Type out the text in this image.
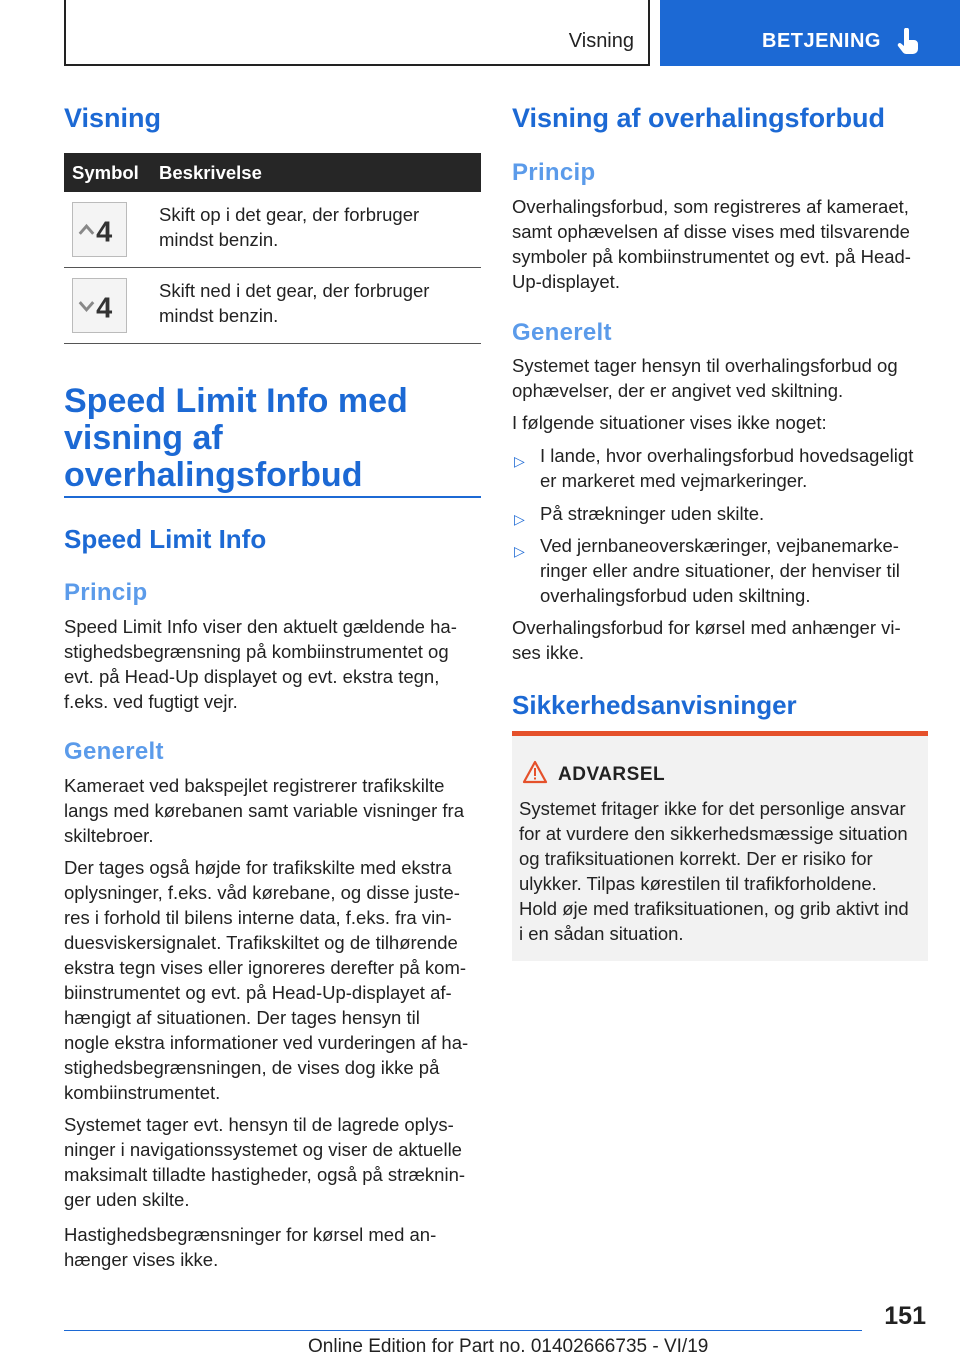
Visning	BETJENING
Visning
Symbol Beskrivelse
4
Skift op i det gear, der forbruger
mindst benzin.
4
Skift ned i det gear, der forbruger
mindst benzin.
Speed Limit Info med
visning af
overhalingsforbud
Speed Limit Info
Princip
Speed Limit Info viser den aktuelt gældende ha-
stighedsbegrænsning på kombiinstrumentet og
evt. på Head-Up displayet og evt. ekstra tegn,
f.eks. ved fugtigt vejr.
Generelt
Kameraet ved bakspejlet registrerer trafikskilte
langs med kørebanen samt variable visninger fra
skiltebroer.
Der tages også højde for trafikskilte med ekstra
oplysninger, f.eks. våd kørebane, og disse juste-
res i forhold til bilens interne data, f.eks. fra vin-
duesviskersignalet. Trafikskiltet og de tilhørende
ekstra tegn vises eller ignoreres derefter på kom-
biinstrumentet og evt. på Head-Up-displayet af-
hængigt af situationen. Der tages hensyn til
nogle ekstra informationer ved vurderingen af ha-
stighedsbegrænsningen, de vises dog ikke på
kombiinstrumentet.
Systemet tager evt. hensyn til de lagrede oplys-
ninger i navigationssystemet og viser de aktuelle
maksimalt tilladte hastigheder, også på stræknin-
ger uden skilte.
Hastighedsbegrænsninger for kørsel med an-
hænger vises ikke.
Visning af overhalingsforbud
Princip
Overhalingsforbud, som registreres af kameraet,
samt ophævelsen af disse vises med tilsvarende
symboler på kombiinstrumentet og evt. på Head-
Up-displayet.
Generelt
Systemet tager hensyn til overhalingsforbud og
ophævelser, der er angivet ved skiltning.
I følgende situationer vises ikke noget:
▷ I lande, hvor overhalingsforbud hovedsageligt
er markeret med vejmarkeringer.
▷ På strækninger uden skilte.
▷ Ved jernbaneoverskæringer, vejbanemarke-
ringer eller andre situationer, der henviser til
overhalingsforbud uden skiltning.
Overhalingsforbud for kørsel med anhænger vi-
ses ikke.
Sikkerhedsanvisninger
ADVARSEL
Systemet fritager ikke for det personlige ansvar
for at vurdere den sikkerhedsmæssige situation
og trafiksituationen korrekt. Der er risiko for
ulykker. Tilpas kørestilen til trafikforholdene.
Hold øje med trafiksituationen, og grib aktivt ind
i en sådan situation.
151
Online Edition for Part no. 01402666735 - VI/19
